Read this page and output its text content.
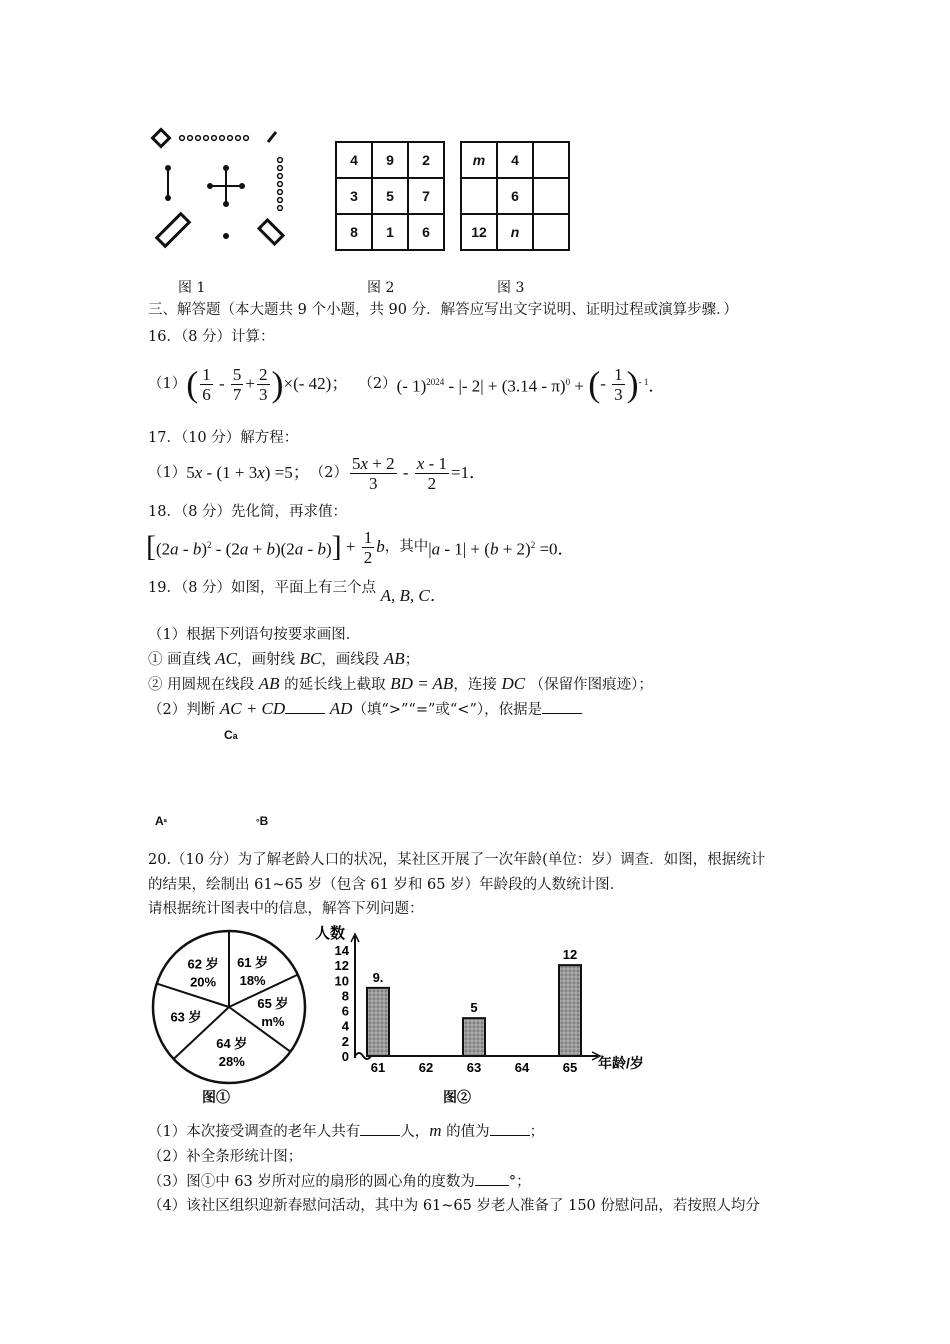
4	9	2
3	5	7
8	1	6
m	4	
	6	
12	n	
图 1	图 2	图 3
三、解答题（本大题共 9 个小题，共 90 分．解答应写出文字说明、证明过程或演算步骤．）
16．（8 分）计算：
（1） ( $\frac{1}{6} - \frac{5}{7} + \frac{2}{3}$ ) ×(- 42)； （2） (- 1)$^{2024}$ - |- 2| + (3.14 - π)$^0$ + ( - $\frac{1}{3}$ ) $^{- 1}$．
17．（10 分）解方程：
（1） 5x - (1 + 3x) =5； $(2) \frac{5x + 2}{3} - \frac{x - 1}{2} =1$．
18．（8 分）先化简，再求值：
[ (2a - b)$^2$ - (2a + b)(2a - b) ] + $\frac{1}{2}$ b ，其中 $|a - 1| + (b + 2)^2 =0$．
19．（8 分）如图，平面上有三个点 A, B, C．
（1）根据下列语句按要求画图．
① 画直线 AC，画射线 BC，画线段 AB；
② 用圆规在线段 AB 的延长线上截取 BD = AB，连接 DC （保留作图痕迹）；
（2）判断 AC + CD	AD（填“>”“=”或“<”），依据是
Ca
Aª	°B
20.（10 分）为了解老龄人口的状况，某社区开展了一次年龄(单位：岁）调查．如图，根据统计
的结果，绘制出 61~65 岁（包含 61 岁和 65 岁）年龄段的人数统计图．
请根据统计图表中的信息，解答下列问题：
62 岁
20%
61 岁
18%
65 岁
m%
64 岁
28%
63 岁
人数
年龄/岁
0
2
4
6
8
10
12
14
61	62	63	64	65
9.
5
12
图①	图②
（1）本次接受调查的老年人共有	人，m 的值为	；
（2）补全条形统计图；
（3）图①中 63 岁所对应的扇形的圆心角的度数为 °；
（4）该社区组织迎新春慰问活动，其中为 61~65 岁老人准备了 150 份慰问品，若按照人均分
